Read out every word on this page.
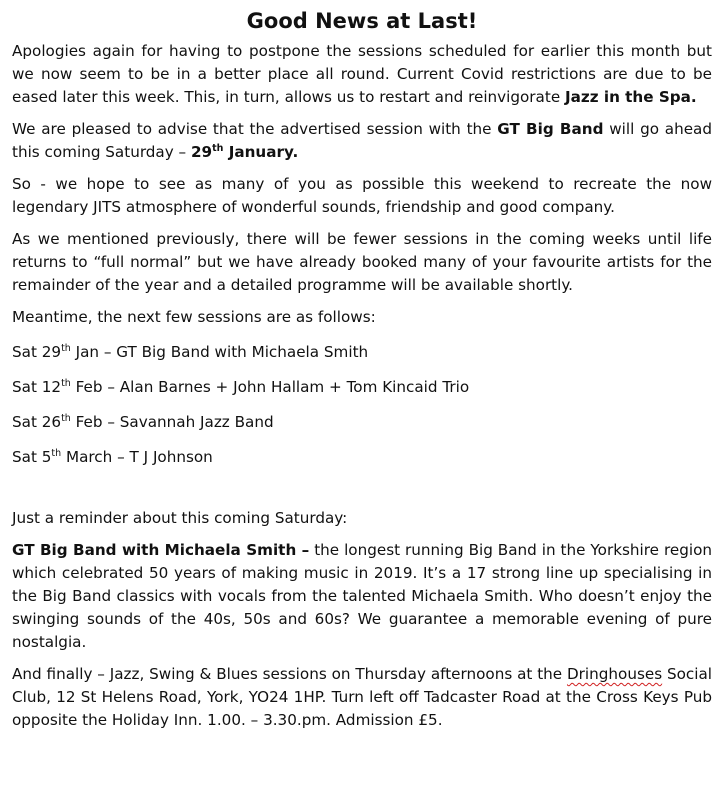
Good News at Last!

Apologies again for having to postpone the sessions scheduled for earlier this month but we now seem to be in a better place all round. Current Covid restrictions are due to be eased later this week. This, in turn, allows us to restart and reinvigorate Jazz in the Spa.

We are pleased to advise that the advertised session with the GT Big Band will go ahead this coming Saturday – 29th January.

So - we hope to see as many of you as possible this weekend to recreate the now legendary JITS atmosphere of wonderful sounds, friendship and good company.

As we mentioned previously, there will be fewer sessions in the coming weeks until life returns to “full normal” but we have already booked many of your favourite artists for the remainder of the year and a detailed programme will be available shortly.

Meantime, the next few sessions are as follows:

Sat 29th Jan – GT Big Band with Michaela Smith

Sat 12th Feb – Alan Barnes + John Hallam + Tom Kincaid Trio

Sat 26th Feb – Savannah Jazz Band

Sat 5th March – T J Johnson

Just a reminder about this coming Saturday:

GT Big Band with Michaela Smith – the longest running Big Band in the Yorkshire region which celebrated 50 years of making music in 2019. It’s a 17 strong line up specialising in the Big Band classics with vocals from the talented Michaela Smith. Who doesn’t enjoy the swinging sounds of the 40s, 50s and 60s? We guarantee a memorable evening of pure nostalgia.

And finally – Jazz, Swing & Blues sessions on Thursday afternoons at the Dringhouses Social Club, 12 St Helens Road, York, YO24 1HP. Turn left off Tadcaster Road at the Cross Keys Pub opposite the Holiday Inn. 1.00. – 3.30.pm. Admission £5.
